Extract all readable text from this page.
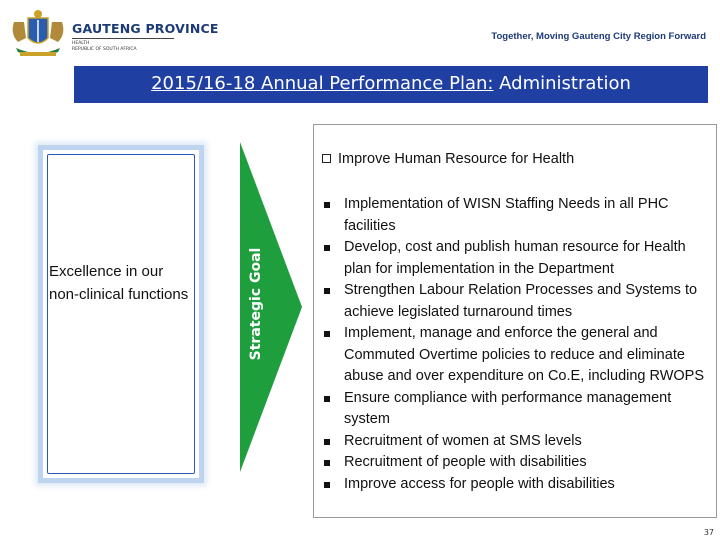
GAUTENG PROVINCE
HEALTH
REPUBLIC OF SOUTH AFRICA
Together, Moving Gauteng City Region Forward
2015/16-18 Annual Performance Plan: Administration
Excellence in our non-clinical functions	Strategic Goal
Improve Human Resource for Health
Implementation of WISN Staffing Needs in all PHC facilities
Develop, cost and publish human resource for Health plan for implementation in the Department
Strengthen Labour Relation Processes and Systems to achieve legislated turnaround times
Implement, manage and enforce the general and Commuted Overtime policies to reduce and eliminate abuse and over expenditure on Co.E, including RWOPS
Ensure compliance with performance management system
Recruitment of women at SMS levels
Recruitment of people with disabilities
Improve access for people with disabilities
37
